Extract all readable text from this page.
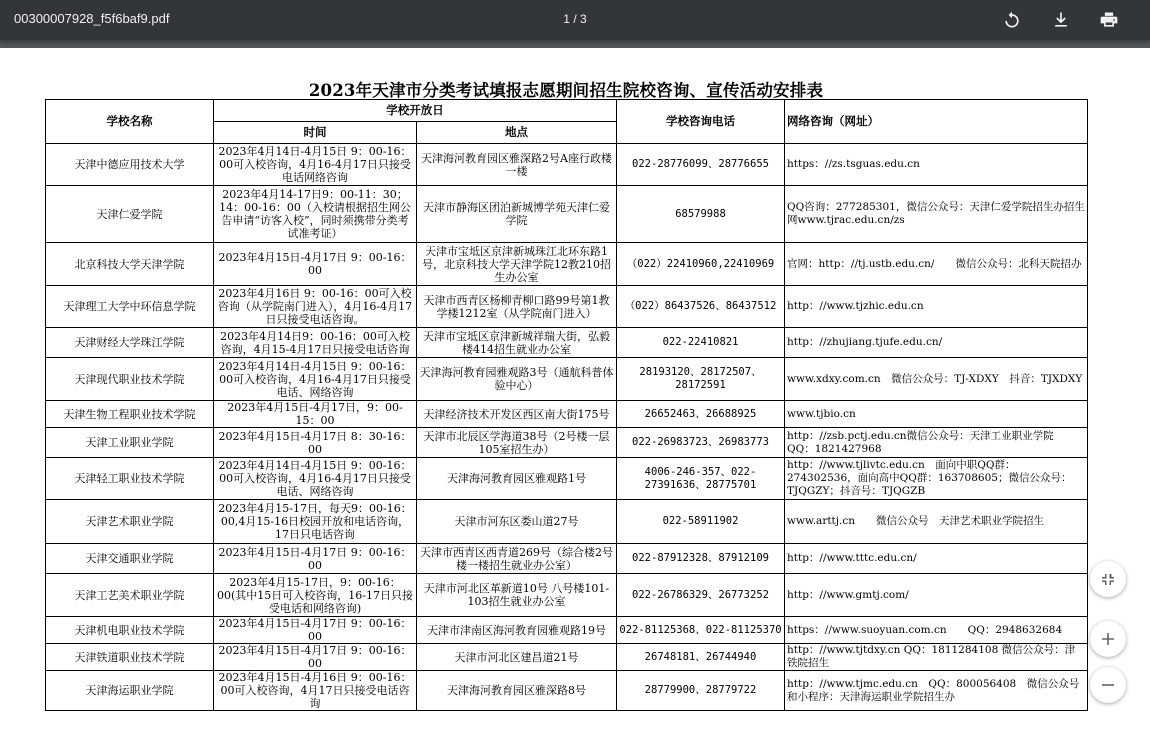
00300007928_f5f6baf9.pdf	1 / 3
2023年天津市分类考试填报志愿期间招生院校咨询、宣传活动安排表
学校名称	学校开放日		学校咨询电话	网络咨询（网址）
	时间	地点		
天津中德应用技术大学	2023年4月14日-4月15日 9：00-16：00可入校咨询，4月16-4月17日只接受电话网络咨询	天津海河教育园区雅深路2号A座行政楼一楼	022-28776099、28776655	https：//zs.tsguas.edu.cn
天津仁爱学院	2023年4月14-17日9：00-11：30；14：00-16：00（入校请根据招生网公告申请“访客入校”，同时须携带分类考试准考证）	天津市静海区团泊新城博学苑天津仁爱学院	68579988	QQ咨询：277285301，微信公众号：天津仁爱学院招生办招生网www.tjrac.edu.cn/zs
北京科技大学天津学院	2023年4月15日-4月17日 9：00-16：00	天津市宝坻区京津新城珠江北环东路1号，北京科技大学天津学院12教210招生办公室	（022）22410960,22410969	官网：http：//tj.ustb.edu.cn/　　微信公众号：北科天院招办
天津理工大学中环信息学院	2023年4月16日 9：00-16：00可入校咨询（从学院南门进入），4月16-4月17日只接受电话咨询。	天津市西青区杨柳青柳口路99号第1教学楼1212室（从学院南门进入）	（022）86437526、86437512	http：//www.tjzhic.edu.cn
天津财经大学珠江学院	2023年4月14日9：00-16：00可入校咨询，4月15-4月17日只接受电话咨询	天津市宝坻区京津新城祥瑞大街，弘毅楼414招生就业办公室	022-22410821	http：//zhujiang.tjufe.edu.cn/
天津现代职业技术学院	2023年4月14日-4月15日 9：00-16：00可入校咨询，4月16-4月17日只接受电话、网络咨询	天津海河教育园雅观路3号（通航科普体验中心）	28193120、28172507、28172591	www.xdxy.com.cn　微信公众号：TJ-XDXY　抖音：TJXDXY
天津生物工程职业技术学院	2023年4月15日-4月17日，9：00-15：00	天津经济技术开发区西区南大街175号	26652463、26688925	www.tjbio.cn
天津工业职业学院	2023年4月15日-4月17日 8：30-16：00	天津市北辰区学海道38号（2号楼一层105室招生办）	022-26983723、26983773	http：//zsb.pctj.edu.cn微信公众号：天津工业职业学院　QQ：1821427968
天津轻工职业技术学院	2023年4月14日-4月15日 9：00-16：00可入校咨询，4月16-4月17日只接受电话、网络咨询	天津海河教育园区雅观路1号	4006-246-357、022-27391636、28775701	http：//www.tjlivtc.edu.cn　面向中职QQ群：274302536，面向高中QQ群：163708605；微信公众号：TJQGZY；抖音号：TJQGZB
天津艺术职业学院	2023年4月15-17日，每天9：00-16：00,4月15-16日校园开放和电话咨询，17日只电话咨询	天津市河东区娄山道27号	022-58911902	www.arttj.cn　　微信公众号　天津艺术职业学院招生
天津交通职业学院	2023年4月15日-4月17日 9：00-16：00	天津市西青区西青道269号（综合楼2号楼一楼招生就业办公室）	022-87912328、87912109	http：//www.tttc.edu.cn/
天津工艺美术职业学院	2023年4月15-17日，9：00-16：00(其中15日可入校咨询，16-17日只接受电话和网络咨询)	天津市河北区革新道10号 八号楼101-103招生就业办公室	022-26786329、26773252	http：//www.gmtj.com/
天津机电职业技术学院	2023年4月15日-4月17日 9：00-16：00	天津市津南区海河教育园雅观路19号	022-81125368、022-81125370	https：//www.suoyuan.com.cn　　QQ：2948632684
天津铁道职业技术学院	2023年4月15日-4月17日 9：00-16：00	天津市河北区建昌道21号	26748181、26744940	http：//www.tjtdxy.cn QQ：1811284108 微信公众号：津铁院招生
天津海运职业学院	2023年4月15日-4月16日 9：00-16：00可入校咨询，4月17日只接受电话咨询	天津海河教育园区雅深路8号	28779900、28779722	http：//www.tjmc.edu.cn　QQ：800056408　微信公众号和小程序：天津海运职业学院招生办
